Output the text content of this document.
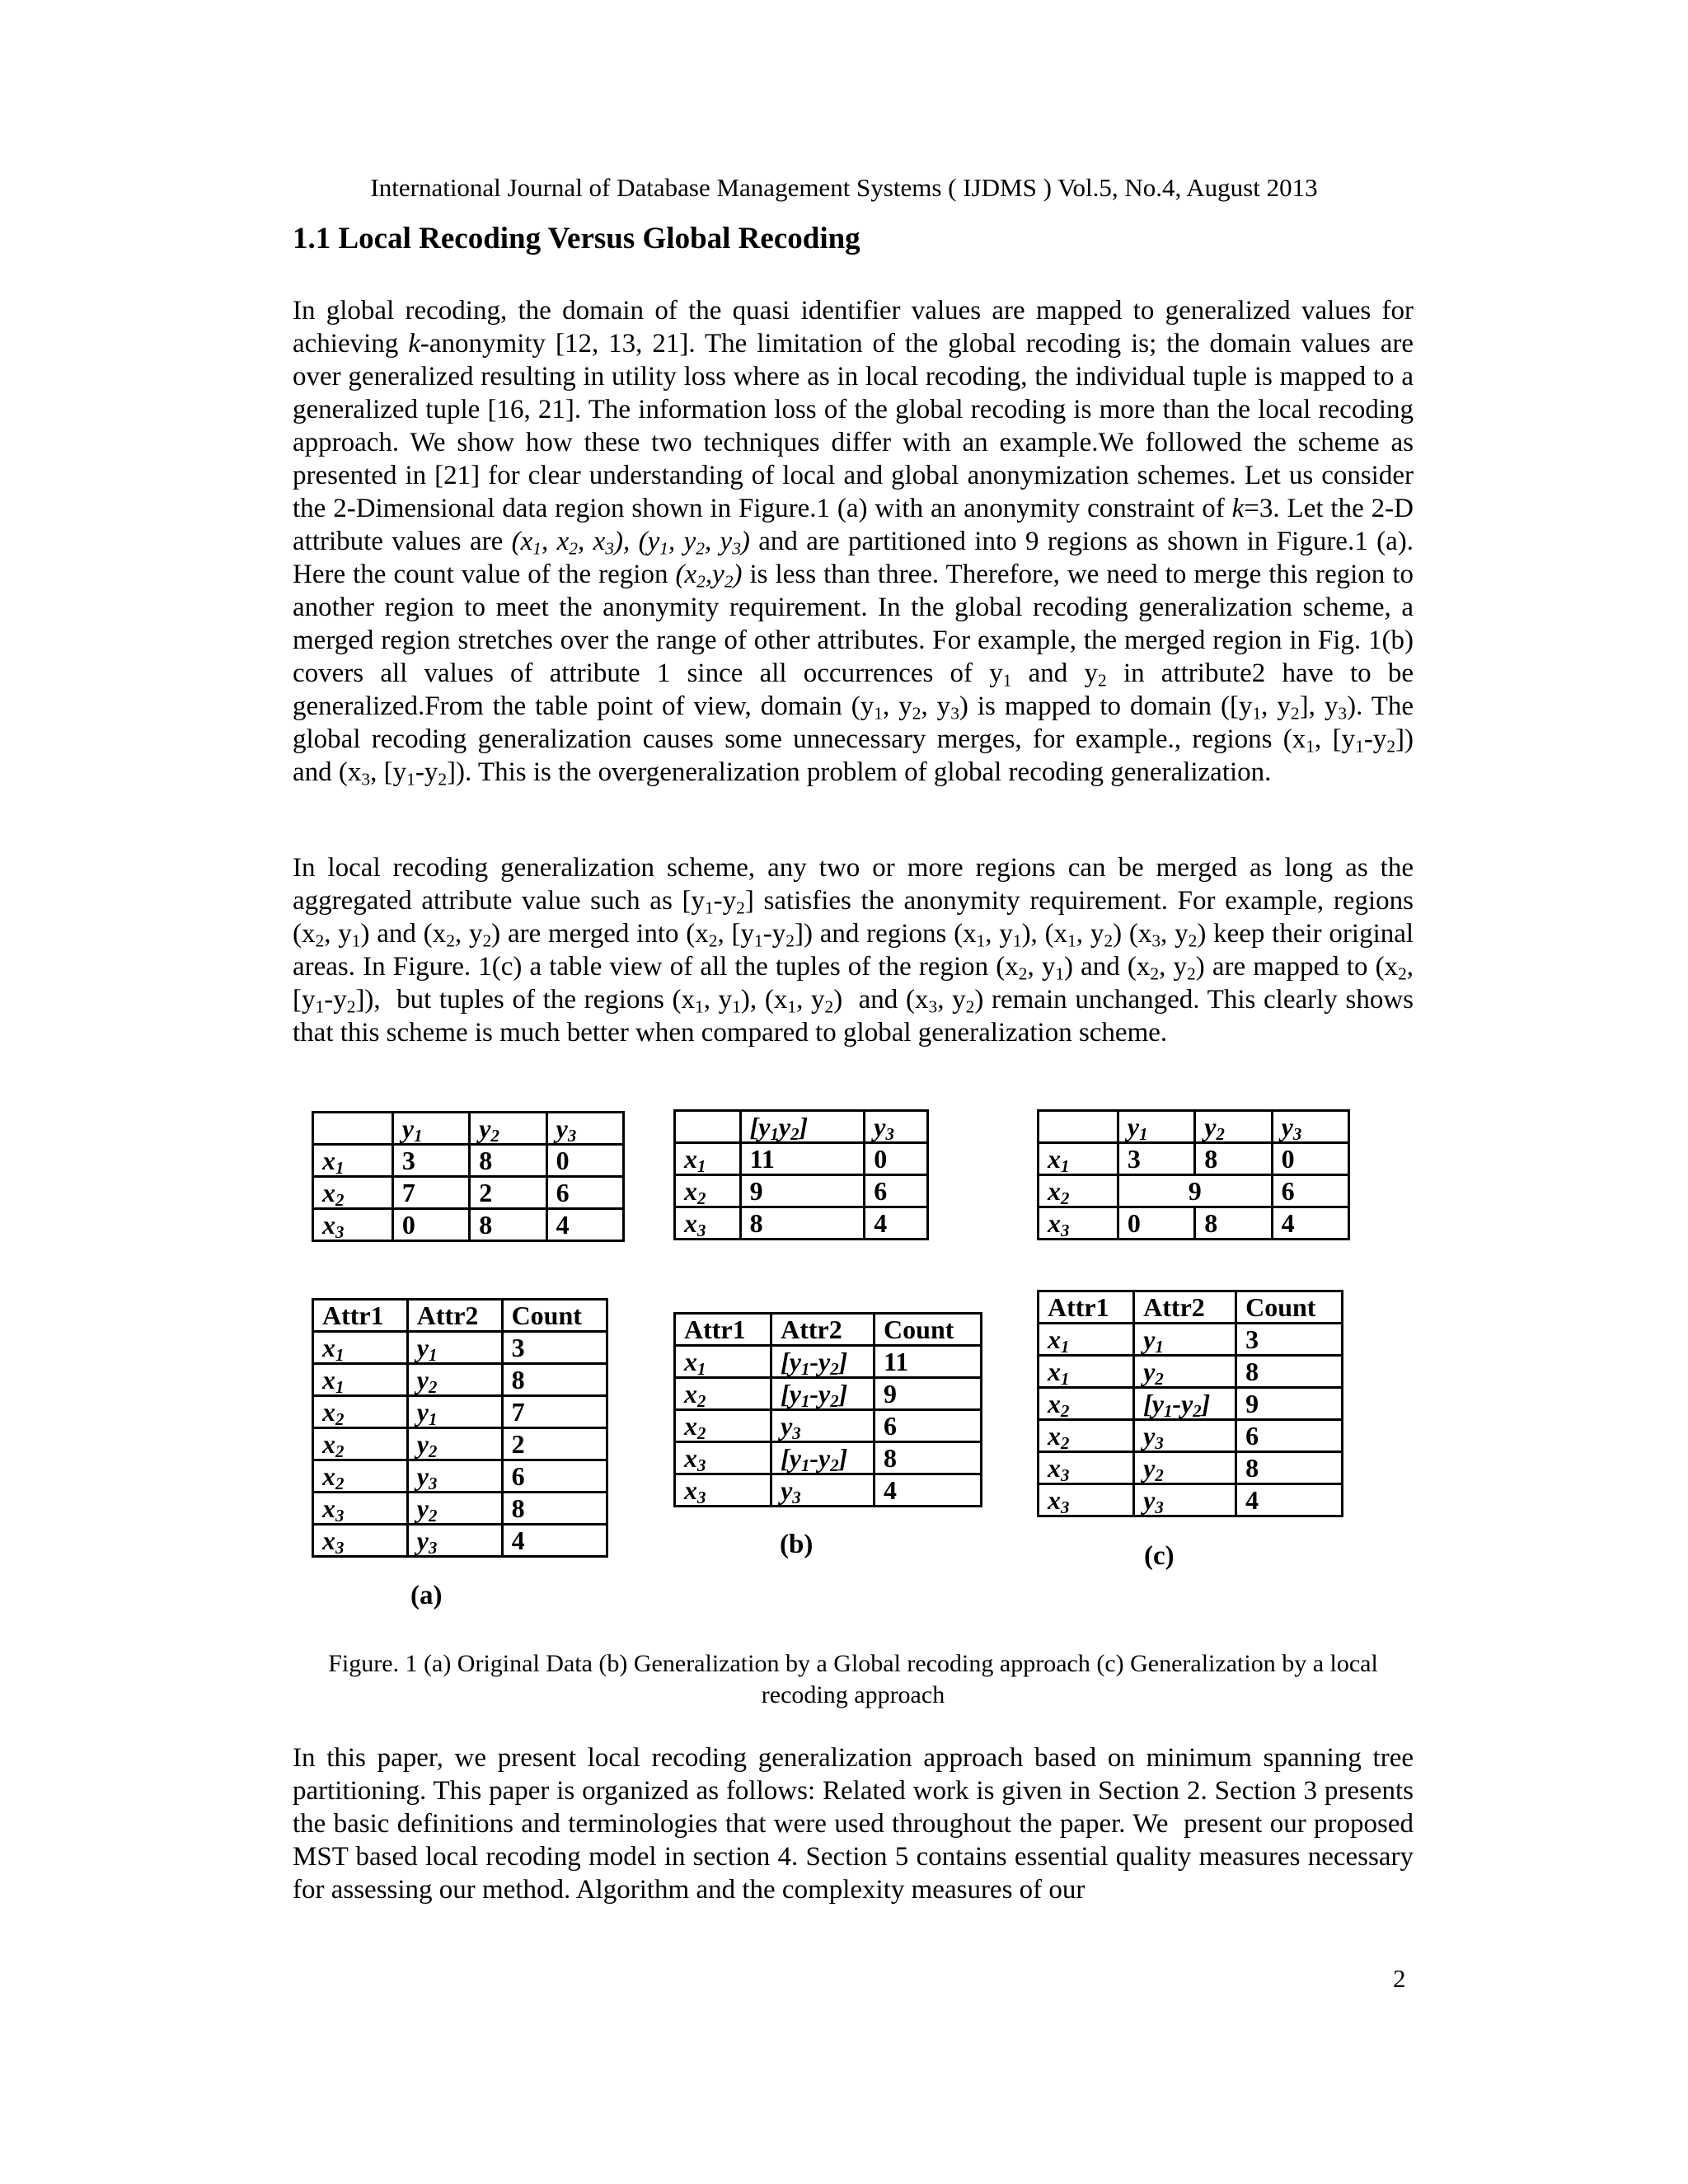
International Journal of Database Management Systems ( IJDMS ) Vol.5, No.4, August 2013
1.1 Local Recoding Versus Global Recoding
In global recoding, the domain of the quasi identifier values are mapped to generalized values for achieving k-anonymity [12, 13, 21]. The limitation of the global recoding is; the domain values are over generalized resulting in utility loss where as in local recoding, the individual tuple is mapped to a generalized tuple [16, 21]. The information loss of the global recoding is more than the local recoding approach. We show how these two techniques differ with an example.We followed the scheme as presented in [21] for clear understanding of local and global anonymization schemes. Let us consider the 2-Dimensional data region shown in Figure.1 (a) with an anonymity constraint of k=3. Let the 2-D attribute values are ($x_1$, $x_2$, $x_3$), ($y_1$, $y_2$, $y_3$) and are partitioned into 9 regions as shown in Figure.1 (a). Here the count value of the region $(x_2,y_2)$ is less than three. Therefore, we need to merge this region to another region to meet the anonymity requirement. In the global recoding generalization scheme, a merged region stretches over the range of other attributes. For example, the merged region in Fig. 1(b) covers all values of attribute 1 since all occurrences of $y_1$ and $y_2$ in attribute2 have to be generalized.From the table point of view, domain ($y_1$, $y_2$, $y_3$) is mapped to domain ([$y_1$, $y_2$], $y_3$). The global recoding generalization causes some unnecessary merges, for example., regions ($x_1$, $[y_1-y_2]$) and ($x_3$, $[y_1-y_2]$). This is the overgeneralization problem of global recoding generalization.
In local recoding generalization scheme, any two or more regions can be merged as long as the aggregated attribute value such as $[y_1-y_2]$ satisfies the anonymity requirement. For example, regions ($x_2$, $y_1$) and ($x_2$, $y_2$) are merged into ($x_2$, $[y_1-y_2]$) and regions ($x_1$, $y_1$), ($x_1$, $y_2$) ($x_3$, $y_2$) keep their original areas. In Figure. 1(c) a table view of all the tuples of the region ($x_2$, $y_1$) and ($x_2$, $y_2$) are mapped to ($x_2$, $[y_1-y_2]$),  but tuples of the regions ($x_1$, $y_1$), ($x_1$, $y_2$)  and ($x_3$, $y_2$) remain unchanged. This clearly shows that this scheme is much better when compared to global generalization scheme.
	$y_1$	$y_2$	$y_3$
$x_1$	3	8	0
$x_2$	7	2	6
$x_3$	0	8	4
	$[y_1y_2]$	$y_3$
$x_1$	11	0
$x_2$	9	6
$x_3$	8	4
	$y_1$	$y_2$	$y_3$
$x_1$	3	8	0
$x_2$	9		6
$x_3$	0	8	4
Attr1	Attr2	Count
$x_1$	$y_1$	3
$x_1$	$y_2$	8
$x_2$	$y_1$	7
$x_2$	$y_2$	2
$x_2$	$y_3$	6
$x_3$	$y_2$	8
$x_3$	$y_3$	4
Attr1	Attr2	Count
$x_1$	$[y_1-y_2]$	11
$x_2$	$[y_1-y_2]$	9
$x_2$	$y_3$	6
$x_3$	$[y_1-y_2]$	8
$x_3$	$y_3$	4
Attr1	Attr2	Count
$x_1$	$y_1$	3
$x_1$	$y_2$	8
$x_2$	$[y_1-y_2]$	9
$x_2$	$y_3$	6
$x_3$	$y_2$	8
$x_3$	$y_3$	4
(a)
(b)	(c)
Figure. 1 (a) Original Data (b) Generalization by a Global recoding approach (c) Generalization by a local
recoding approach
In this paper, we present local recoding generalization approach based on minimum spanning tree partitioning. This paper is organized as follows: Related work is given in Section 2. Section 3 presents the basic definitions and terminologies that were used throughout the paper. We  present our proposed MST based local recoding model in section 4. Section 5 contains essential quality measures necessary for assessing our method. Algorithm and the complexity measures of our
2
